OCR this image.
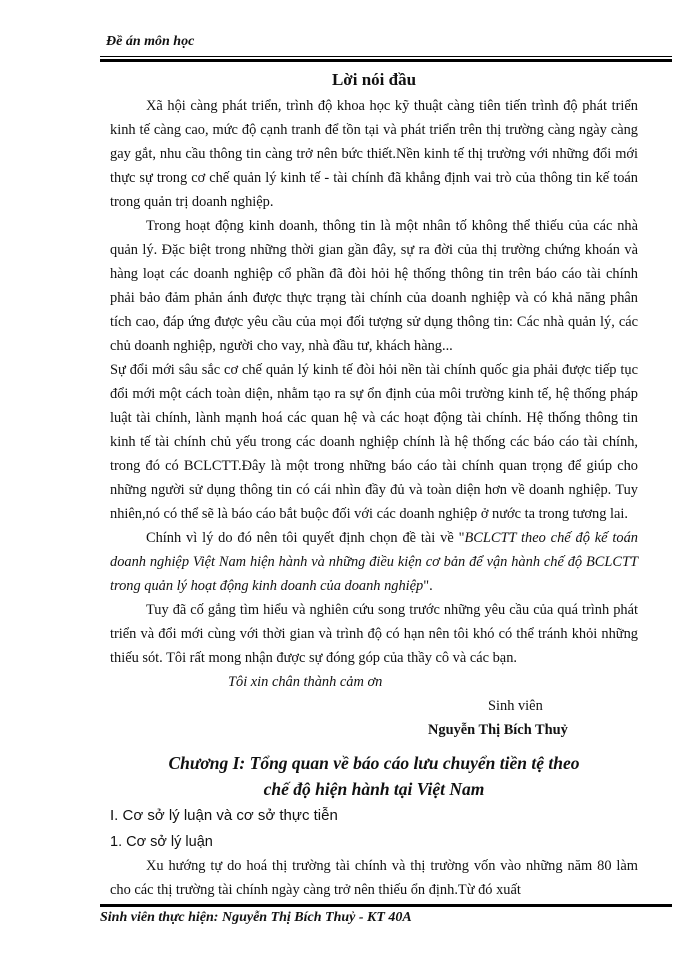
Đề án môn học
Lời nói đầu

Xã hội càng phát triển, trình độ khoa học kỹ thuật càng tiên tiến trình độ phát triển kinh tế càng cao, mức độ cạnh tranh để tồn tại và phát triển trên thị trường càng ngày càng gay gắt, nhu cầu thông tin càng trở nên bức thiết.Nền kinh tế thị trường với những đổi mới thực sự trong cơ chế quản lý kinh tế - tài chính đã khẳng định vai trò của thông tin kế toán trong quản trị doanh nghiệp.

Trong hoạt động kinh doanh, thông tin là một nhân tố không thể thiếu của các nhà quản lý. Đặc biệt trong những thời gian gần đây, sự ra đời của thị trường chứng khoán và hàng loạt các doanh nghiệp cổ phần đã đòi hỏi hệ thống thông tin trên báo cáo tài chính phải bảo đảm phản ánh được thực trạng tài chính của doanh nghiệp và có khả năng phân tích cao, đáp ứng được yêu cầu của mọi đối tượng sử dụng thông tin: Các nhà quản lý, các chủ doanh nghiệp, người cho vay, nhà đầu tư, khách hàng...

Sự đổi mới sâu sắc cơ chế quản lý kinh tế đòi hỏi nền tài chính quốc gia phải được tiếp tục đổi mới một cách toàn diện, nhằm tạo ra sự ổn định của môi trường kinh tế, hệ thống pháp luật tài chính, lành mạnh hoá các quan hệ và các hoạt động tài chính. Hệ thống thông tin kinh tế tài chính chủ yếu trong các doanh nghiệp chính là hệ thống các báo cáo tài chính, trong đó có BCLCTT.Đây là một trong những báo cáo tài chính quan trọng để giúp cho những người sử dụng thông tin có cái nhìn đầy đủ và toàn diện hơn về doanh nghiệp. Tuy nhiên,nó có thể sẽ là báo cáo bắt buộc đối với các doanh nghiệp ở nước ta trong tương lai.

Chính vì lý do đó nên tôi quyết định chọn đề tài về "BCLCTT theo chế độ kế toán doanh nghiệp Việt Nam hiện hành và những điều kiện cơ bản để vận hành chế độ BCLCTT trong quản lý hoạt động kinh doanh của doanh nghiệp".

Tuy đã cố gắng tìm hiểu và nghiên cứu song trước những yêu cầu của quá trình phát triển và đổi mới cùng với thời gian và trình độ có hạn nên tôi khó có thể tránh khỏi những thiếu sót. Tôi rất mong nhận được sự đóng góp của thầy cô và các bạn.

Tôi xin chân thành cảm ơn

Sinh viên

Nguyễn Thị Bích Thuỷ

Chương I: Tổng quan về báo cáo lưu chuyển tiền tệ theo
chế độ hiện hành tại Việt Nam

I. Cơ sở lý luận và cơ sở thực tiễn

1. Cơ sở lý luận

Xu hướng tự do hoá thị trường tài chính và thị trường vốn vào những năm 80 làm cho các thị trường tài chính ngày càng trở nên thiếu ổn định.Từ đó xuất

Sinh viên thực hiện: Nguyễn Thị Bích Thuỷ - KT 40A
